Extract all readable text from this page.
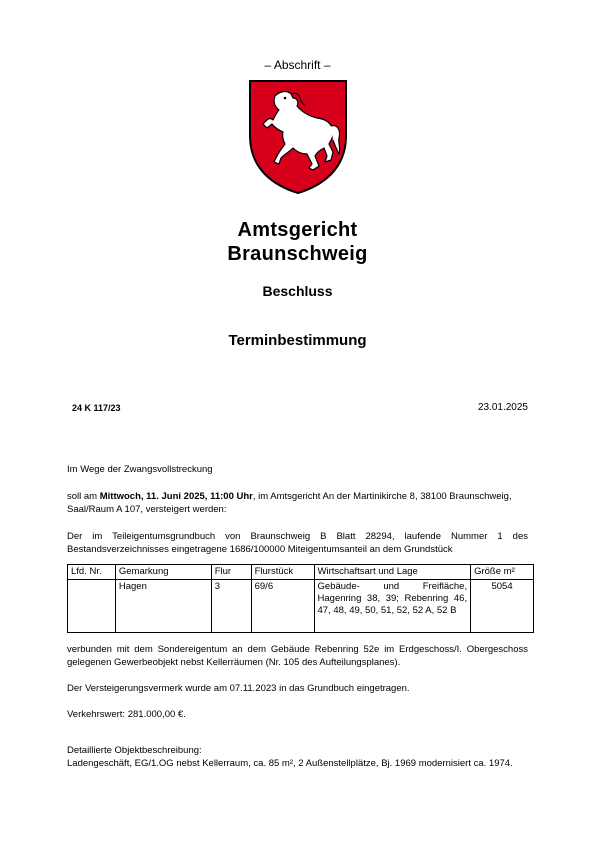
– Abschrift –
Amtsgericht
Braunschweig
Beschluss
Terminbestimmung
24 K 117/23	23.01.2025
Im Wege der Zwangsvollstreckung
soll am Mittwoch, 11. Juni 2025, 11:00 Uhr, im Amtsgericht An der Martinikirche 8, 38100 Braunschweig, Saal/Raum A 107, versteigert werden:
Der im Teileigentumsgrundbuch von Braunschweig B Blatt 28294, laufende Nummer 1 des Bestandsverzeichnisses eingetragene 1686/100000 Miteigentumsanteil an dem Grundstück
Lfd. Nr.	Gemarkung	Flur	Flurstück	Wirtschaftsart und Lage	Größe m²
	Hagen	3	69/6	Gebäude- und Freifläche, Hagenring 38, 39; Rebenring 46, 47, 48, 49, 50, 51, 52, 52 A, 52 B	5054
verbunden mit dem Sondereigentum an dem Gebäude Rebenring 52e im Erdgeschoss/I. Obergeschoss gelegenen Gewerbeobjekt nebst Kellerräumen (Nr. 105 des Aufteilungsplanes).
Der Versteigerungsvermerk wurde am 07.11.2023 in das Grundbuch eingetragen.
Verkehrswert: 281.000,00 €.
Detaillierte Objektbeschreibung:
Ladengeschäft, EG/1.OG nebst Kellerraum, ca. 85 m², 2 Außenstellplätze, Bj. 1969 modernisiert ca. 1974.
